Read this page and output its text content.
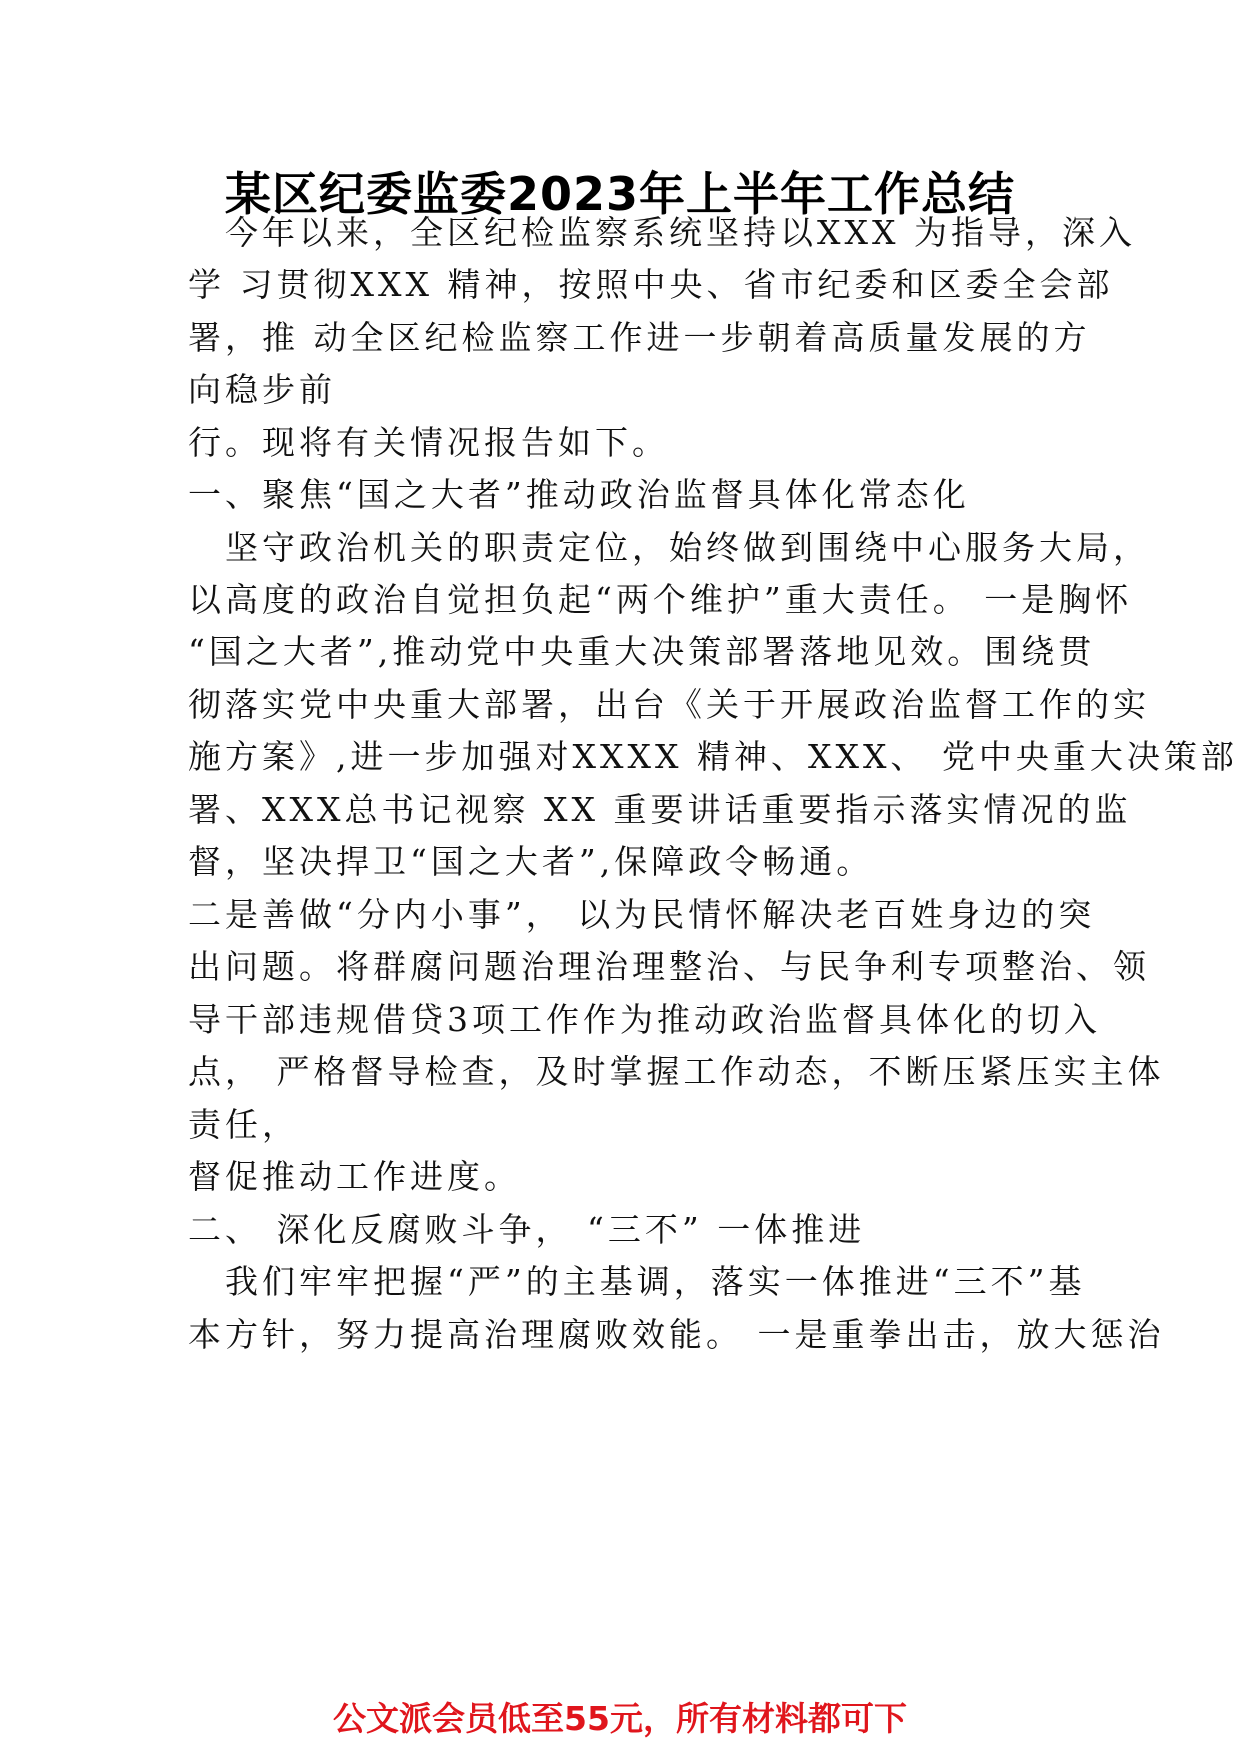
某区纪委监委2023年上半年工作总结
　今年以来，全区纪检监察系统坚持以XXX 为指导，深入
学 习贯彻XXX 精神，按照中央、省市纪委和区委全会部
署，推 动全区纪检监察工作进一步朝着高质量发展的方
向稳步前
行。现将有关情况报告如下。
一、聚焦“国之大者”推动政治监督具体化常态化
　坚守政治机关的职责定位，始终做到围绕中心服务大局，
以高度的政治自觉担负起“两个维护”重大责任。 一是胸怀
“国之大者”,推动党中央重大决策部署落地见效。围绕贯
彻落实党中央重大部署，出台《关于开展政治监督工作的实
施方案》,进一步加强对XXXX 精神、XXX、 党中央重大决策部
署、XXX总书记视察 XX 重要讲话重要指示落实情况的监
督，坚决捍卫“国之大者”,保障政令畅通。
二是善做“分内小事”， 以为民情怀解决老百姓身边的突
出问题。将群腐问题治理治理整治、与民争利专项整治、领
导干部违规借贷3项工作作为推动政治监督具体化的切入
点， 严格督导检查，及时掌握工作动态，不断压紧压实主体
责任，
督促推动工作进度。
二、 深化反腐败斗争， “三不” 一体推进
　我们牢牢把握“严”的主基调，落实一体推进“三不”基
本方针，努力提高治理腐败效能。 一是重拳出击，放大惩治
公文派会员低至55元，所有材料都可下
